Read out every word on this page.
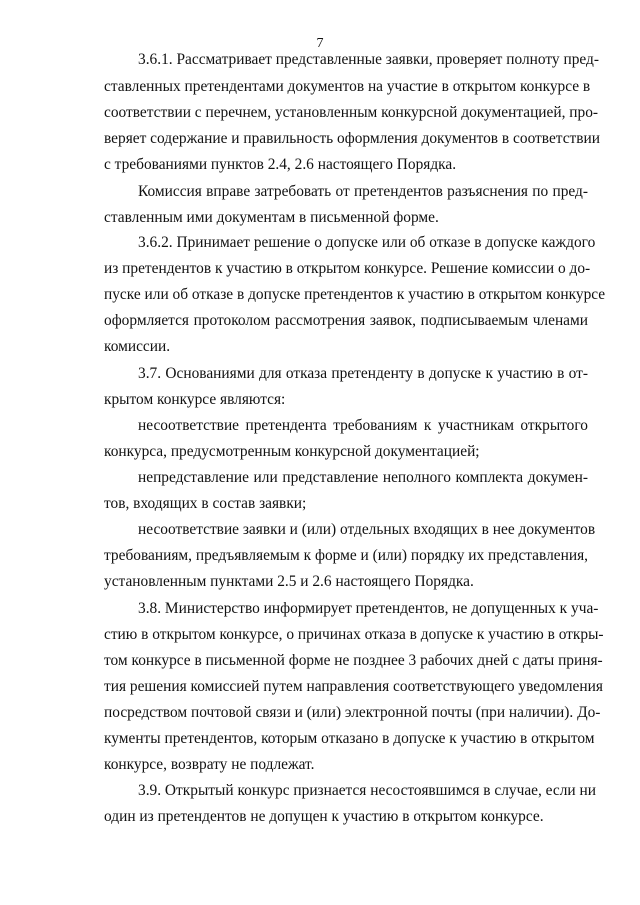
7
3.6.1. Рассматривает представленные заявки, проверяет полноту пред-
ставленных претендентами документов на участие в открытом конкурсе в
соответствии с перечнем, установленным конкурсной документацией, про-
веряет содержание и правильность оформления документов в соответствии
с требованиями пунктов 2.4, 2.6 настоящего Порядка.
Комиссия вправе затребовать от претендентов разъяснения по пред-
ставленным ими документам в письменной форме.
3.6.2. Принимает решение о допуске или об отказе в допуске каждого
из претендентов к участию в открытом конкурсе. Решение комиссии о до-
пуске или об отказе в допуске претендентов к участию в открытом конкурсе
оформляется протоколом рассмотрения заявок, подписываемым членами
комиссии.
3.7. Основаниями для отказа претенденту в допуске к участию в от-
крытом конкурсе являются:
несоответствие претендента требованиям к участникам открытого
конкурса, предусмотренным конкурсной документацией;
непредставление или представление неполного комплекта докумен-
тов, входящих в состав заявки;
несоответствие заявки и (или) отдельных входящих в нее документов
требованиям, предъявляемым к форме и (или) порядку их представления,
установленным пунктами 2.5 и 2.6 настоящего Порядка.
3.8. Министерство информирует претендентов, не допущенных к уча-
стию в открытом конкурсе, о причинах отказа в допуске к участию в откры-
том конкурсе в письменной форме не позднее 3 рабочих дней с даты приня-
тия решения комиссией путем направления соответствующего уведомления
посредством почтовой связи и (или) электронной почты (при наличии). До-
кументы претендентов, которым отказано в допуске к участию в открытом
конкурсе, возврату не подлежат.
3.9. Открытый конкурс признается несостоявшимся в случае, если ни
один из претендентов не допущен к участию в открытом конкурсе.
